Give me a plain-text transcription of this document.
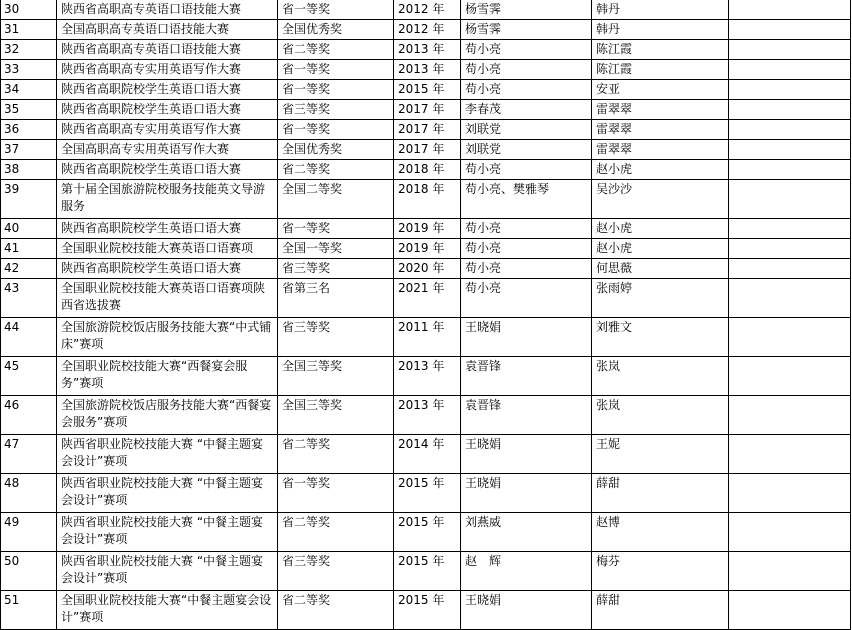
30	陕西省高职高专英语口语技能大赛	省一等奖	2012 年	杨雪霁	韩丹	
31	全国高职高专英语口语技能大赛	全国优秀奖	2012 年	杨雪霁	韩丹	
32	陕西省高职高专英语口语技能大赛	省二等奖	2013 年	苟小亮	陈江霞	
33	陕西省高职高专实用英语写作大赛	省一等奖	2013 年	苟小亮	陈江霞	
34	陕西省高职院校学生英语口语大赛	省一等奖	2015 年	苟小亮	安亚	
35	陕西省高职院校学生英语口语大赛	省三等奖	2017 年	李春茂	雷翠翠	
36	陕西省高职高专实用英语写作大赛	省一等奖	2017 年	刘联党	雷翠翠	
37	全国高职高专实用英语写作大赛	全国优秀奖	2017 年	刘联党	雷翠翠	
38	陕西省高职院校学生英语口语大赛	省二等奖	2018 年	苟小亮	赵小虎	
39	第十届全国旅游院校服务技能英文导游服务	全国二等奖	2018 年	苟小亮、樊雅琴	吴沙沙	
40	陕西省高职院校学生英语口语大赛	省一等奖	2019 年	苟小亮	赵小虎	
41	全国职业院校技能大赛英语口语赛项	全国一等奖	2019 年	苟小亮	赵小虎	
42	陕西省高职院校学生英语口语大赛	省三等奖	2020 年	苟小亮	何思薇	
43	全国职业院校技能大赛英语口语赛项陕西省选拔赛	省第三名	2021 年	苟小亮	张雨婷	
44	全国旅游院校饭店服务技能大赛“中式铺床”赛项	省三等奖	2011 年	王晓娟	刘雅文	
45	全国职业院校技能大赛“西餐宴会服务”赛项	全国三等奖	2013 年	袁晋锋	张岚	
46	全国旅游院校饭店服务技能大赛“西餐宴会服务”赛项	全国三等奖	2013 年	袁晋锋	张岚	
47	陕西省职业院校技能大赛 “中餐主题宴会设计”赛项	省二等奖	2014 年	王晓娟	王妮	
48	陕西省职业院校技能大赛 “中餐主题宴会设计”赛项	省一等奖	2015 年	王晓娟	薛甜	
49	陕西省职业院校技能大赛 “中餐主题宴会设计”赛项	省二等奖	2015 年	刘燕威	赵博	
50	陕西省职业院校技能大赛 “中餐主题宴会设计”赛项	省三等奖	2015 年	赵　辉	梅芬	
51	全国职业院校技能大赛“中餐主题宴会设计”赛项	省二等奖	2015 年	王晓娟	薛甜	
